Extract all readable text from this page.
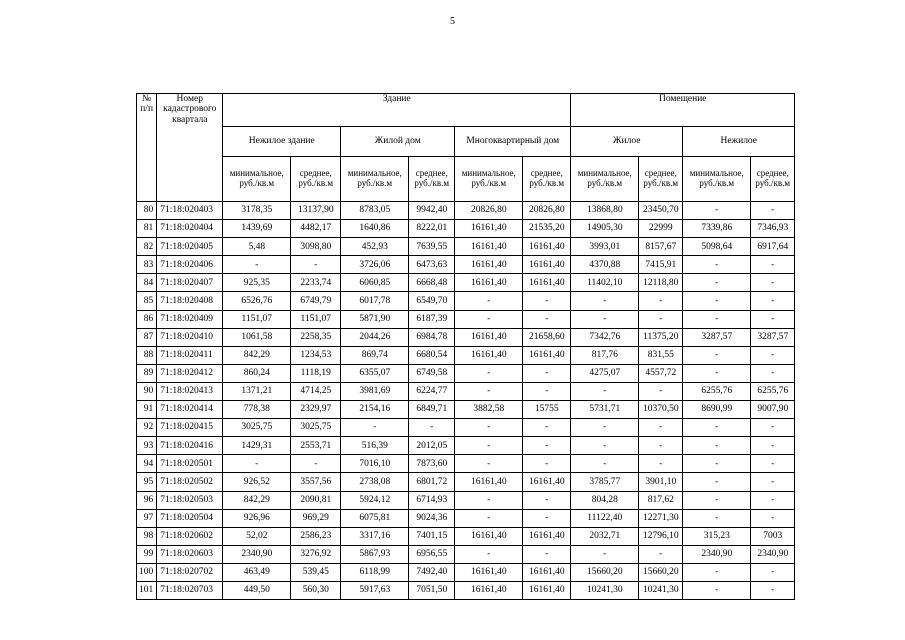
5
№ п/п	Номер кадастрового квартала	Здание						Помещение			
		Нежилое здание		Жилой дом		Многоквартирный дом		Жилое		Нежилое	
		минимальное, руб./кв.м	среднее, руб./кв.м	минимальное, руб./кв.м	среднее, руб./кв.м	минимальное, руб./кв.м	среднее, руб./кв.м	минимальное, руб./кв.м	среднее, руб./кв.м	минимальное, руб./кв.м	среднее, руб./кв.м
80	71:18:020403	3178,35	13137,90	8783,05	9942,40	20826,80	20826,80	13868,80	23450,70	-	-
81	71:18:020404	1439,69	4482,17	1640,86	8222,01	16161,40	21535,20	14905,30	22999	7339,86	7346,93
82	71:18:020405	5,48	3098,80	452,93	7639,55	16161,40	16161,40	3993,01	8157,67	5098,64	6917,64
83	71:18:020406	-	-	3726,06	6473,63	16161,40	16161,40	4370,88	7415,91	-	-
84	71:18:020407	925,35	2233,74	6060,85	6668,48	16161,40	16161,40	11402,10	12118,80	-	-
85	71:18:020408	6526,76	6749,79	6017,78	6549,70	-	-	-	-	-	-
86	71:18:020409	1151,07	1151,07	5871,90	6187,39	-	-	-	-	-	-
87	71:18:020410	1061,58	2258,35	2044,26	6984,78	16161,40	21658,60	7342,76	11375,20	3287,57	3287,57
88	71:18:020411	842,29	1234,53	869,74	6680,54	16161,40	16161,40	817,76	831,55	-	-
89	71:18:020412	860,24	1118,19	6355,07	6749,58	-	-	4275,07	4557,72	-	-
90	71:18:020413	1371,21	4714,25	3981,69	6224,77	-	-	-	-	6255,76	6255,76
91	71:18:020414	778,38	2329,97	2154,16	6849,71	3882,58	15755	5731,71	10370,50	8690,99	9007,90
92	71:18:020415	3025,75	3025,75	-	-	-	-	-	-	-	-
93	71:18:020416	1429,31	2553,71	516,39	2012,05	-	-	-	-	-	-
94	71:18:020501	-	-	7016,10	7873,60	-	-	-	-	-	-
95	71:18:020502	926,52	3557,56	2738,08	6801,72	16161,40	16161,40	3785,77	3901,10	-	-
96	71:18:020503	842,29	2090,81	5924,12	6714,93	-	-	804,28	817,62	-	-
97	71:18:020504	926,96	969,29	6075,81	9024,36	-	-	11122,40	12271,30	-	-
98	71:18:020602	52,02	2586,23	3317,16	7401,15	16161,40	16161,40	2032,71	12796,10	315,23	7003
99	71:18:020603	2340,90	3276,92	5867,93	6956,55	-	-	-	-	2340,90	2340,90
100	71:18:020702	463,49	539,45	6118,99	7492,40	16161,40	16161,40	15660,20	15660,20	-	-
101	71:18:020703	449,50	560,30	5917,63	7051,50	16161,40	16161,40	10241,30	10241,30	-	-
